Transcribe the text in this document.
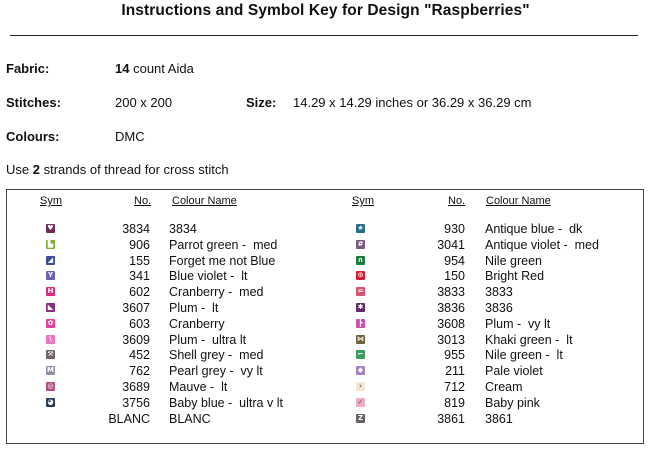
Instructions and Symbol Key for Design "Raspberries"
Fabric:	14 count Aida
Stitches:	200 x 200	Size: 14.29 x 14.29 inches or 36.29 x 36.29 cm
Colours:	DMC
Use 2 strands of thread for cross stitch
Sym	No. Colour Name	Sym	No. Colour Name
♥	3834 3834
▙	906 Parrot green -  med
◢	155 Forget me not Blue
Y	341 Blue violet -  lt
H	602 Cranberry -  med
◣	3607 Plum -  lt
✿	603 Cranberry
\	3609 Plum -  ultra lt
⚒	452 Shell grey -  med
M	762 Pearl grey -  vy lt
◎	3689 Mauve -  lt
◕	3756 Baby blue -  ultra v lt
BLANC BLANC
★	930 Antique blue -  dk
#	3041 Antique violet -  med
∩	954 Nile green
⊙	150 Bright Red
=	3833 3833
✱	3836 3836
┣	3608 Plum -  vy lt
⋈	3013 Khaki green -  lt
⌐	955 Nile green -  lt
◆	211 Pale violet
›	712 Cream
✓	819 Baby pink
Z	3861 3861
